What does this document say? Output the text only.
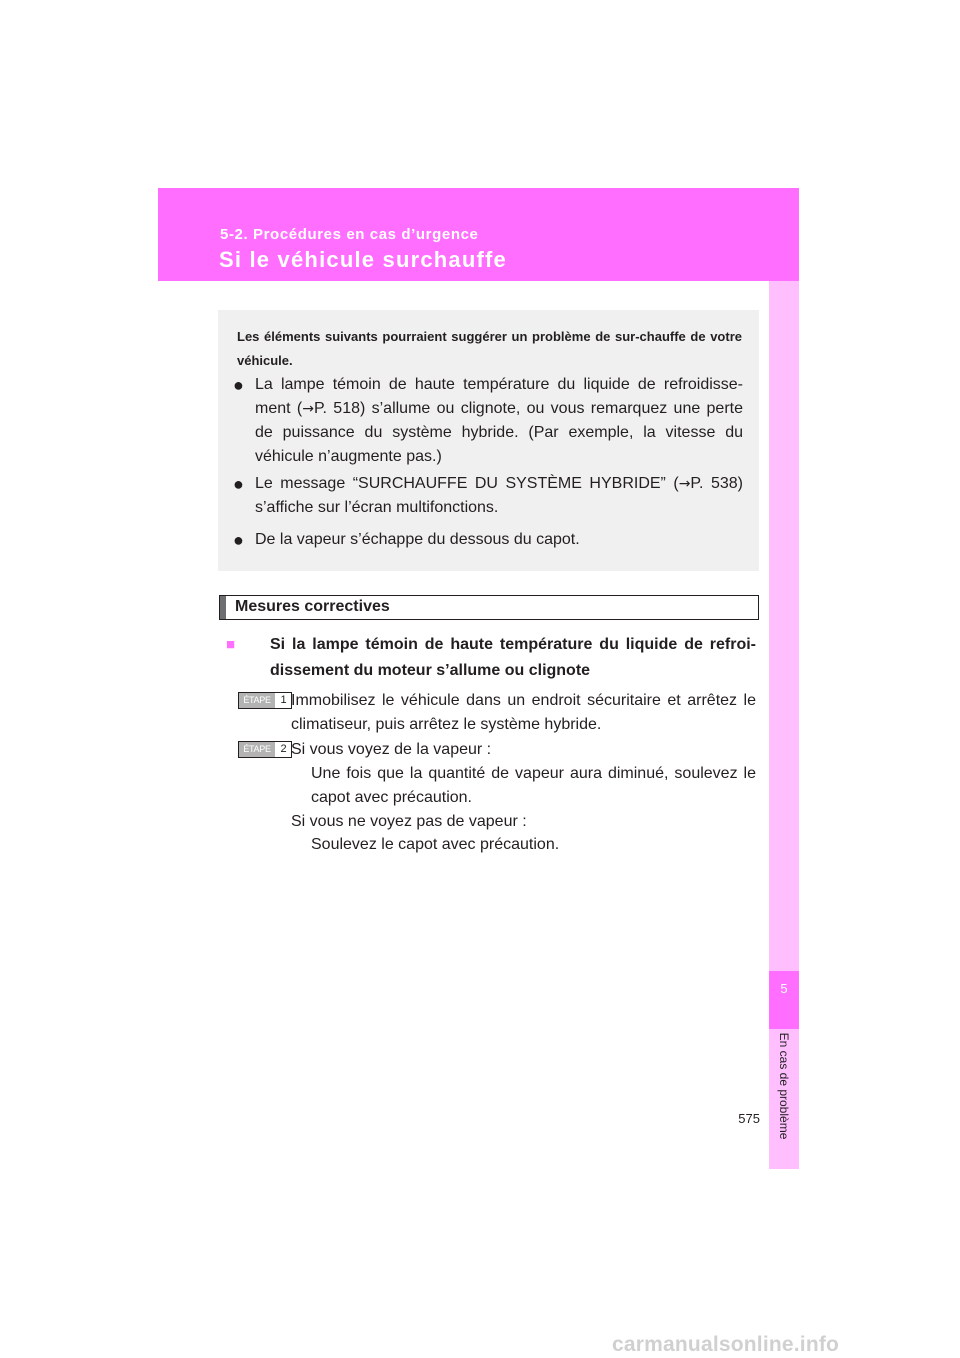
5-2. Procédures en cas d’urgence
Si le véhicule surchauffe
5
En cas de problème
Les éléments suivants pourraient suggérer un problème de sur-chauffe de votre véhicule.
● La lampe témoin de haute température du liquide de refroidisse-ment (→P. 518) s’allume ou clignote, ou vous remarquez une perte de puissance du système hybride. (Par exemple, la vitesse du véhicule n’augmente pas.)
● Le message “SURCHAUFFE DU SYSTÈME HYBRIDE” (→P. 538) s’affiche sur l’écran multifonctions.
● De la vapeur s’échappe du dessous du capot.
Mesures correctives
■ Si la lampe témoin de haute température du liquide de refroi-dissement du moteur s’allume ou clignote
ÉTAPE 1 Immobilisez le véhicule dans un endroit sécuritaire et arrêtez le climatiseur, puis arrêtez le système hybride.
ÉTAPE 2 Si vous voyez de la vapeur :
Une fois que la quantité de vapeur aura diminué, soulevez le capot avec précaution.
Si vous ne voyez pas de vapeur :
Soulevez le capot avec précaution.
575
carmanualsonline.info
